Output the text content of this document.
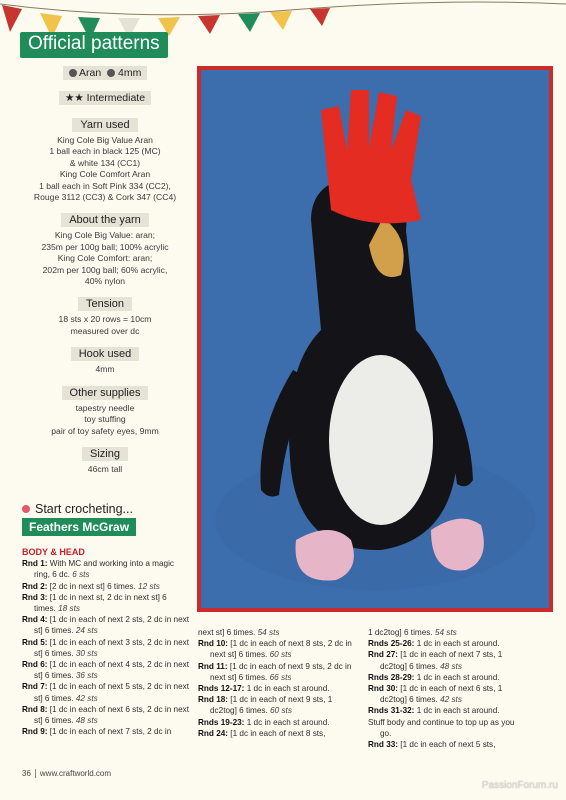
Official patterns
Aran 4mm
★★ Intermediate
Yarn used
King Cole Big Value Aran
1 ball each in black 125 (MC)
& white 134 (CC1)
King Cole Comfort Aran
1 ball each in Soft Pink 334 (CC2),
Rouge 3112 (CC3) & Cork 347 (CC4)
About the yarn
King Cole Big Value: aran;
235m per 100g ball; 100% acrylic
King Cole Comfort: aran;
202m per 100g ball; 60% acrylic,
40% nylon
Tension
18 sts x 20 rows = 10cm
measured over dc
Hook used
4mm
Other supplies
tapestry needle
toy stuffing
pair of toy safety eyes, 9mm
Sizing
46cm tall
Start crocheting...
Feathers McGraw
BODY & HEAD

Rnd 1: With MC and working into a magic ring, 6 dc. 6 sts

Rnd 2: [2 dc in next st] 6 times. 12 sts

Rnd 3: [1 dc in next st, 2 dc in next st] 6 times. 18 sts

Rnd 4: [1 dc in each of next 2 sts, 2 dc in next st] 6 times. 24 sts

Rnd 5: [1 dc in each of next 3 sts, 2 dc in next st] 6 times. 30 sts

Rnd 6: [1 dc in each of next 4 sts, 2 dc in next st] 6 times. 36 sts

Rnd 7: [1 dc in each of next 5 sts, 2 dc in next st] 6 times. 42 sts

Rnd 8: [1 dc in each of next 6 sts, 2 dc in next st] 6 times. 48 sts

Rnd 9: [1 dc in each of next 7 sts, 2 dc in

next st] 6 times. 54 sts

Rnd 10: [1 dc in each of next 8 sts, 2 dc in next st] 6 times. 60 sts

Rnd 11: [1 dc in each of next 9 sts, 2 dc in next st] 6 times. 66 sts

Rnds 12-17: 1 dc in each st around.

Rnd 18: [1 dc in each of next 9 sts, 1 dc2tog] 6 times. 60 sts

Rnds 19-23: 1 dc in each st around.

Rnd 24: [1 dc in each of next 8 sts,

1 dc2tog] 6 times. 54 sts

Rnds 25-26: 1 dc in each st around.

Rnd 27: [1 dc in each of next 7 sts, 1 dc2tog] 6 times. 48 sts

Rnds 28-29: 1 dc in each st around.

Rnd 30: [1 dc in each of next 6 sts, 1 dc2tog] 6 times. 42 sts

Rnds 31-32: 1 dc in each st around.

Stuff body and continue to top up as you go.

Rnd 33: [1 dc in each of next 5 sts,

36 www.craftworld.com
PassionForum.ru
